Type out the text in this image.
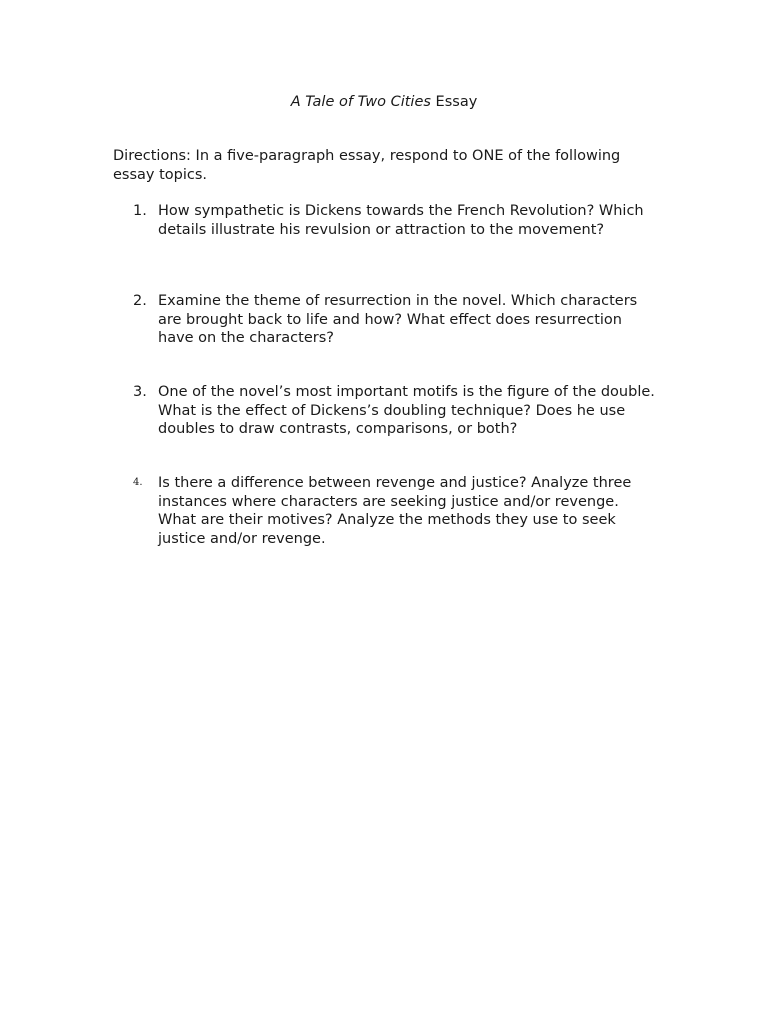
A Tale of Two Cities Essay
Directions: In a five-paragraph essay, respond to ONE of the following essay topics.
1. How sympathetic is Dickens towards the French Revolution? Which details illustrate his revulsion or attraction to the movement?
2. Examine the theme of resurrection in the novel. Which characters are brought back to life and how? What effect does resurrection have on the characters?
3. One of the novel’s most important motifs is the figure of the double. What is the effect of Dickens’s doubling technique? Does he use doubles to draw contrasts, comparisons, or both?
4.	Is there a difference between revenge and justice? Analyze three instances where characters are seeking justice and/or revenge. What are their motives? Analyze the methods they use to seek justice and/or revenge.
